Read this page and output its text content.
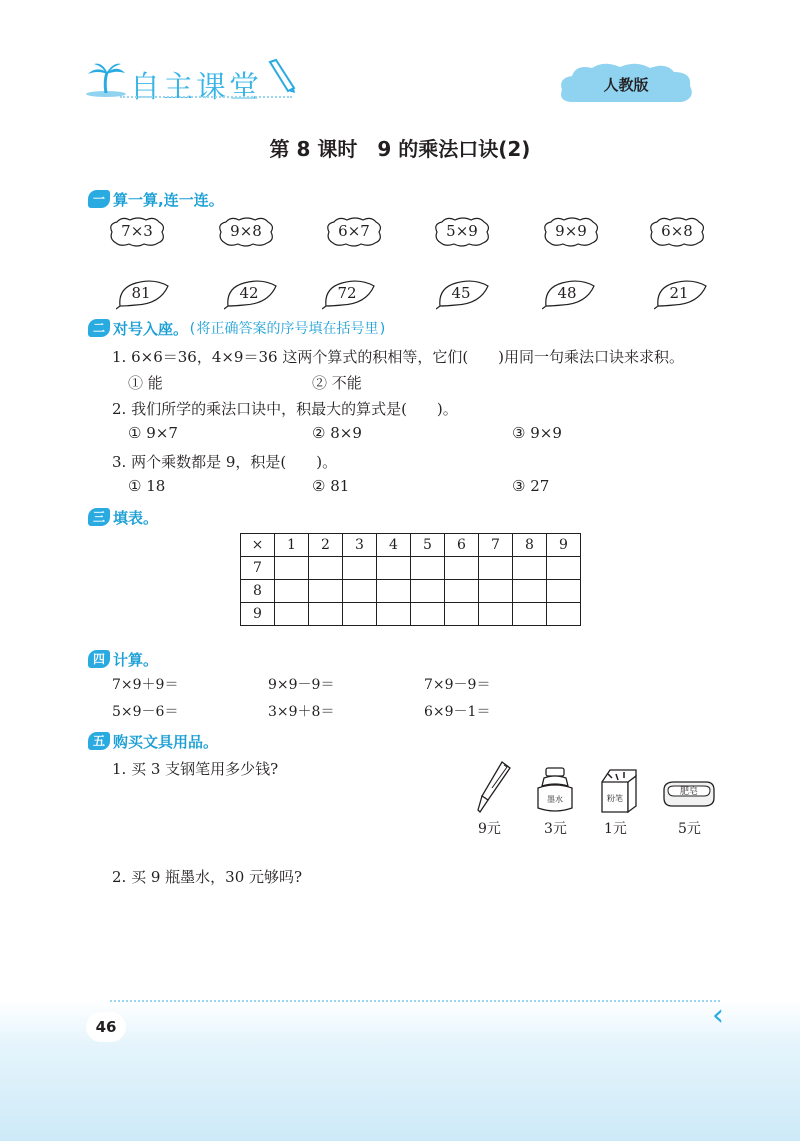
自主课堂	人教版
第 8 课时　9 的乘法口诀(2)
一 算一算,连一连。
7×3	9×8	6×7	5×9	9×9	6×8
81	42	72	45	48	21
二 对号入座。 (将正确答案的序号填在括号里)
1. 6×6＝36，4×9＝36 这两个算式的积相等，它们(　　)用同一句乘法口诀来求积。
① 能	② 不能
2. 我们所学的乘法口诀中，积最大的算式是(　　)。
① 9×7	② 8×9	③ 9×9
3. 两个乘数都是 9，积是(　　)。
① 18	② 81	③ 27
三 填表。
×	1	2	3	4	5	6	7	8	9
7									
8									
9									
四 计算。
7×9＋9＝	9×9－9＝	7×9－9＝
5×9－6＝	3×9＋8＝	6×9－1＝
五 购买文具用品。
1. 买 3 支钢笔用多少钱?
墨水	粉笔
肥皂
9元	3元	1元	5元
2. 买 9 瓶墨水，30 元够吗?
46	‹
